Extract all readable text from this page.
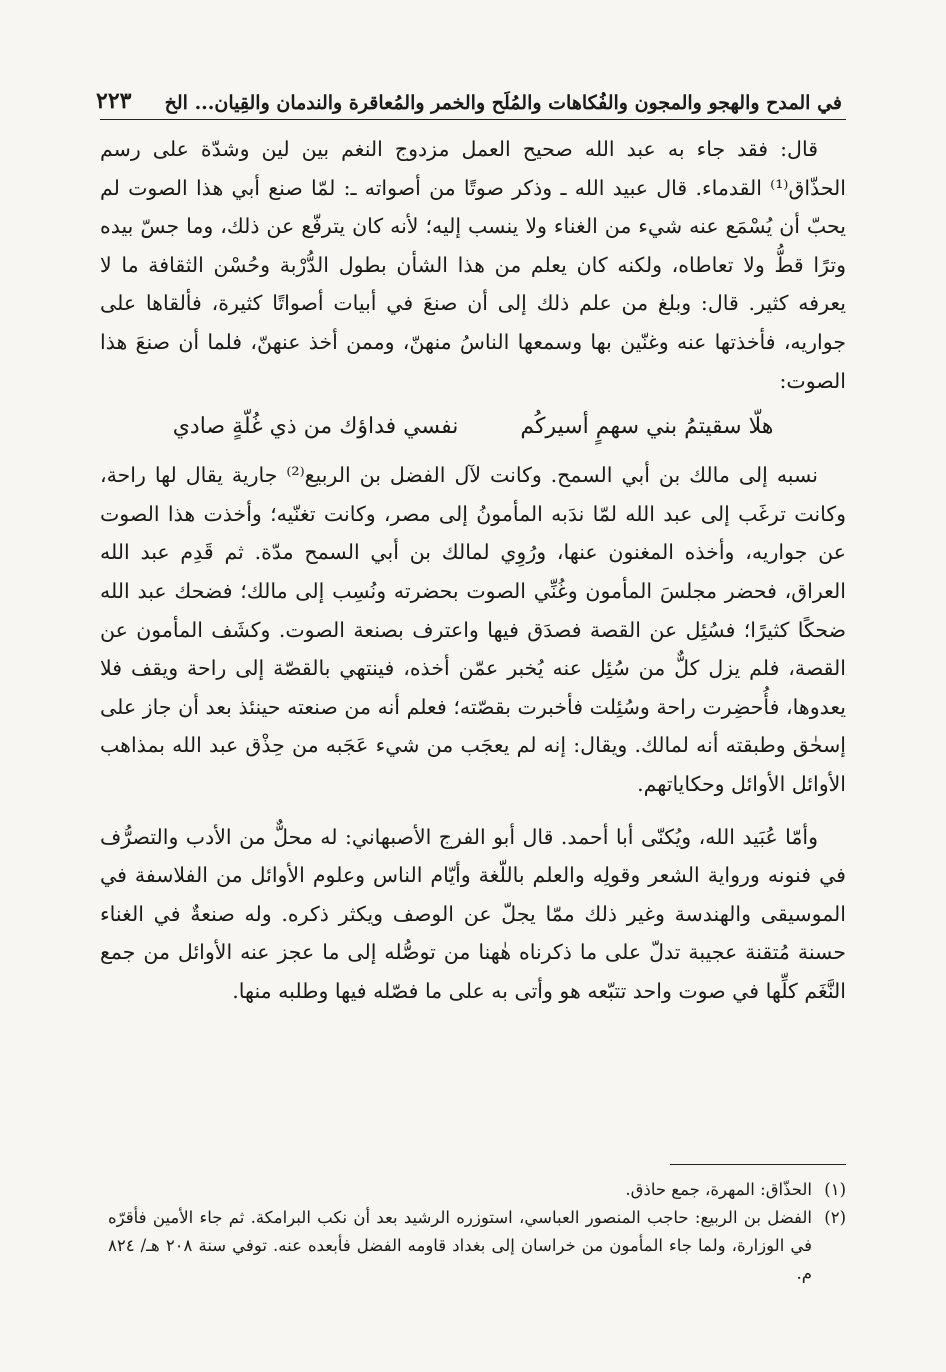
في المدح والهجو والمجون والفُكاهات والمُلَح والخمر والمُعاقرة والندمان والقِيان... الخ
٢٢٣

قال: فقد جاء به عبد الله صحيح العمل مزدوج النغم بين لين وشدّة على رسم الحذّاق⁽¹⁾ القدماء. قال عبيد الله ـ وذكر صوتًا من أصواته ـ: لمّا صنع أبي هذا الصوت لم يحبّ أن يُسْمَع عنه شيء من الغناء ولا ينسب إليه؛ لأنه كان يترفّع عن ذلك، وما جسّ بيده وترًا قطُّ ولا تعاطاه، ولكنه كان يعلم من هذا الشأن بطول الدُّرْبة وحُسْن الثقافة ما لا يعرفه كثير. قال: وبلغ من علم ذلك إلى أن صنعَ في أبيات أصواتًا كثيرة، فألقاها على جواريه، فأخذتها عنه وغنّين بها وسمعها الناسُ منهنّ، وممن أخذ عنهنّ، فلما أن صنعَ هذا الصوت:

هلّا سقيتمُ بني سهمٍ أسيركُم
نفسي فداؤك من ذي غُلّةٍ صادي

نسبه إلى مالك بن أبي السمح. وكانت لآل الفضل بن الربيع⁽²⁾ جارية يقال لها راحة، وكانت ترغَب إلى عبد الله لمّا ندَبه المأمونُ إلى مصر، وكانت تغنّيه؛ وأخذت هذا الصوت عن جواريه، وأخذه المغنون عنها، ورُوِي لمالك بن أبي السمح مدّة. ثم قَدِم عبد الله العراق، فحضر مجلسَ المأمون وغُنِّي الصوت بحضرته ونُسِب إلى مالك؛ فضحك عبد الله ضحكًا كثيرًا؛ فسُئِل عن القصة فصدَق فيها واعترف بصنعة الصوت. وكشَف المأمون عن القصة، فلم يزل كلٌّ من سُئِل عنه يُخبر عمّن أخذه، فينتهي بالقصّة إلى راحة ويقف فلا يعدوها، فأُحضِرت راحة وسُئِلت فأخبرت بقصّته؛ فعلم أنه من صنعته حينئذ بعد أن جاز على إسحٰق وطبقته أنه لمالك. ويقال: إنه لم يعجَب من شيء عَجَبه من حِذْق عبد الله بمذاهب الأوائل الأوائل وحكاياتهم.

وأمّا عُبَيد الله، ويُكنّى أبا أحمد. قال أبو الفرج الأصبهاني: له محلٌّ من الأدب والتصرُّف في فنونه ورواية الشعر وقولِه والعلم باللّغة وأيّام الناس وعلوم الأوائل من الفلاسفة في الموسيقى والهندسة وغير ذلك ممّا يجلّ عن الوصف ويكثر ذكره. وله صنعةٌ في الغناء حسنة مُتقنة عجيبة تدلّ على ما ذكرناه هٰهنا من توصُّله إلى ما عجز عنه الأوائل من جمع النَّغَم كلِّها في صوت واحد تتبّعه هو وأتى به على ما فصّله فيها وطلبه منها.

(١)
الحذّاق: المهرة، جمع حاذق.
(٢)
الفضل بن الربيع: حاجب المنصور العباسي، استوزره الرشيد بعد أن نكب البرامكة. ثم جاء الأمين فأقرّه في الوزارة، ولما جاء المأمون من خراسان إلى بغداد قاومه الفضل فأبعده عنه. توفي سنة ٢٠٨ هـ/ ٨٢٤ م.
